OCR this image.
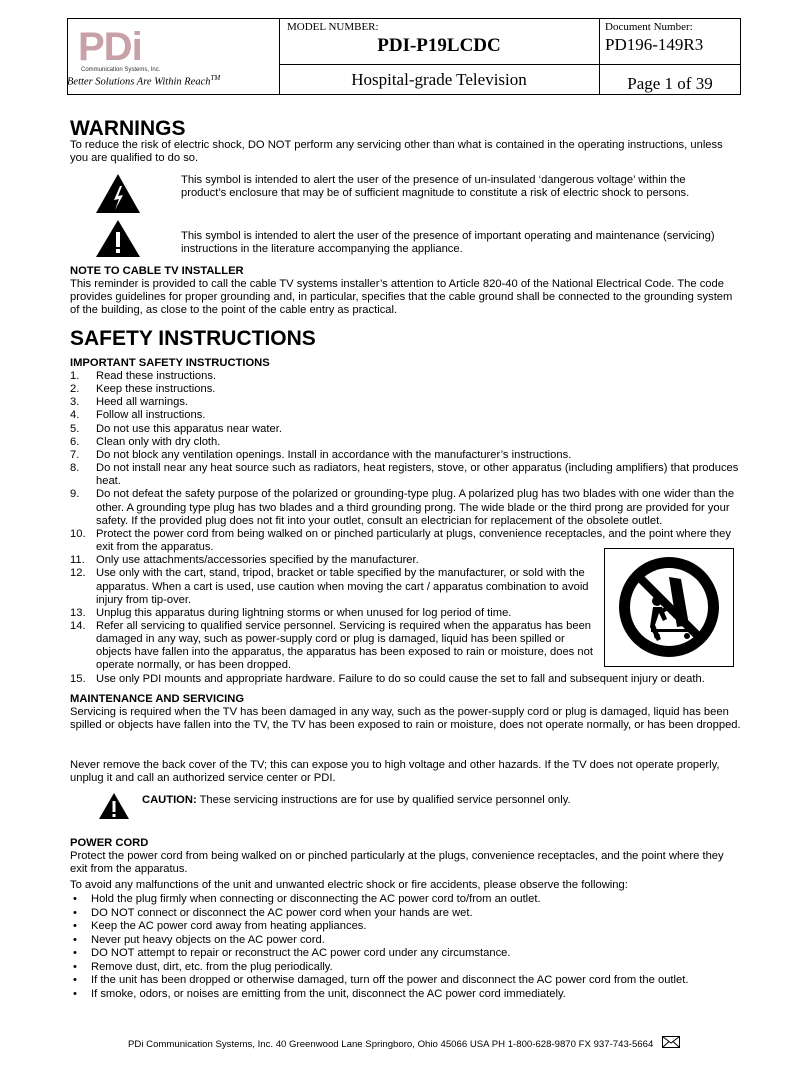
PDi
Communication Systems, Inc.
Better Solutions Are Within Reach™
MODEL NUMBER:
PDI-P19LCDC
Document Number:
PD196-149R3
Hospital-grade Television	Page 1 of 39
WARNINGS
To reduce the risk of electric shock, DO NOT perform any servicing other than what is contained in the operating instructions, unless you are qualified to do so.
This symbol is intended to alert the user of the presence of un-insulated ‘dangerous voltage’ within the product’s enclosure that may be of sufficient magnitude to constitute a risk of electric shock to persons.
This symbol is intended to alert the user of the presence of important operating and maintenance (servicing) instructions in the literature accompanying the appliance.
NOTE TO CABLE TV INSTALLER
This reminder is provided to call the cable TV systems installer’s attention to Article 820-40 of the National Electrical Code. The code provides guidelines for proper grounding and, in particular, specifies that the cable ground shall be connected to the grounding system of the building, as close to the point of the cable entry as practical.
SAFETY INSTRUCTIONS
IMPORTANT SAFETY INSTRUCTIONS
1. Read these instructions.
2. Keep these instructions.
3. Heed all warnings.
4. Follow all instructions.
5. Do not use this apparatus near water.
6. Clean only with dry cloth.
7. Do not block any ventilation openings. Install in accordance with the manufacturer’s instructions.
8. Do not install near any heat source such as radiators, heat registers, stove, or other apparatus (including amplifiers) that produces heat.
9. Do not defeat the safety purpose of the polarized or grounding-type plug. A polarized plug has two blades with one wider than the other. A grounding type plug has two blades and a third grounding prong. The wide blade or the third prong are provided for your safety. If the provided plug does not fit into your outlet, consult an electrician for replacement of the obsolete outlet.
10. Protect the power cord from being walked on or pinched particularly at plugs, convenience receptacles, and the point where they exit from the apparatus.
11. Only use attachments/accessories specified by the manufacturer.
12. Use only with the cart, stand, tripod, bracket or table specified by the manufacturer, or sold with the apparatus. When a cart is used, use caution when moving the cart / apparatus combination to avoid injury from tip-over.
13. Unplug this apparatus during lightning storms or when unused for log period of time.
14. Refer all servicing to qualified service personnel. Servicing is required when the apparatus has been damaged in any way, such as power-supply cord or plug is damaged, liquid has been spilled or objects have fallen into the apparatus, the apparatus has been exposed to rain or moisture, does not operate normally, or has been dropped.
15. Use only PDI mounts and appropriate hardware. Failure to do so could cause the set to fall and subsequent injury or death.
MAINTENANCE AND SERVICING
Servicing is required when the TV has been damaged in any way, such as the power-supply cord or plug is damaged, liquid has been spilled or objects have fallen into the TV, the TV has been exposed to rain or moisture, does not operate normally, or has been dropped.
Never remove the back cover of the TV; this can expose you to high voltage and other hazards. If the TV does not operate properly, unplug it and call an authorized service center or PDI.
CAUTION: These servicing instructions are for use by qualified service personnel only.
POWER CORD
Protect the power cord from being walked on or pinched particularly at the plugs, convenience receptacles, and the point where they exit from the apparatus.
To avoid any malfunctions of the unit and unwanted electric shock or fire accidents, please observe the following:
• Hold the plug firmly when connecting or disconnecting the AC power cord to/from an outlet.
• DO NOT connect or disconnect the AC power cord when your hands are wet.
• Keep the AC power cord away from heating appliances.
• Never put heavy objects on the AC power cord.
• DO NOT attempt to repair or reconstruct the AC power cord under any circumstance.
• Remove dust, dirt, etc. from the plug periodically.
• If the unit has been dropped or otherwise damaged, turn off the power and disconnect the AC power cord from the outlet.
• If smoke, odors, or noises are emitting from the unit, disconnect the AC power cord immediately.
PDi Communication Systems, Inc. 40 Greenwood Lane Springboro, Ohio 45066 USA PH 1-800-628-9870 FX 937-743-5664
